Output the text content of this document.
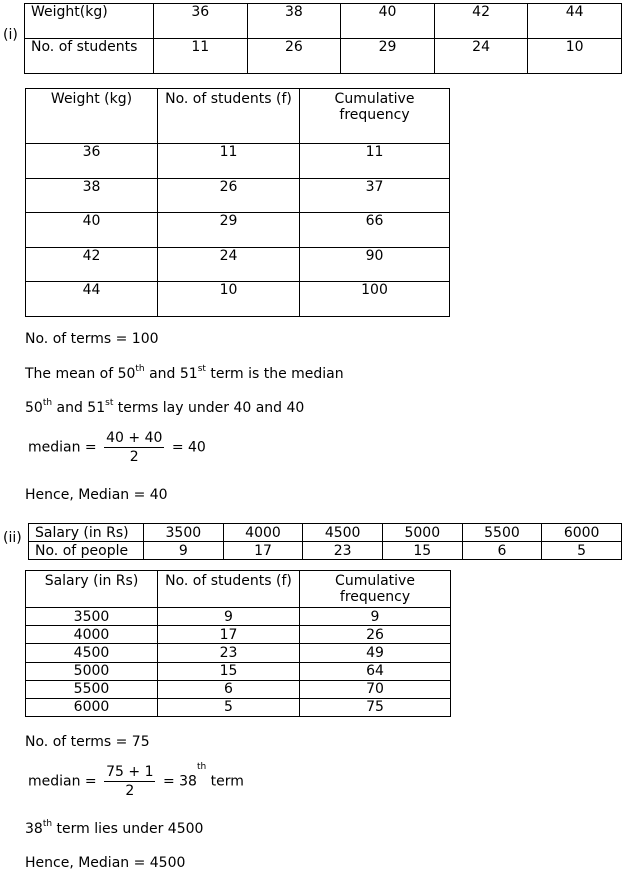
(i)
Weight(kg)	36	38	40	42	44
No. of students	11	26	29	24	10
Weight (kg)	No. of students (f)	Cumulative frequency
36	11	11
38	26	37
40	29	66
42	24	90
44	10	100
No. of terms = 100
The mean of 50th and 51st term is the median
50th and 51st terms lay under 40 and 40
median = $\frac{40 + 40}{2} = 40$
Hence, Median = 40
(ii) Salary (in Rs)	3500	4000	4500	5000	5500	6000
No. of people	9	17	23	15	6	5
Salary (in Rs)	No. of students (f)	Cumulative frequency
3500	9	9
4000	17	26
4500	23	49
5000	15	64
5500	6	70
6000	5	75
No. of terms = 75
median = $\frac{75 + 1}{2} = 38th$ term
38th term lies under 4500
Hence, Median = 4500
